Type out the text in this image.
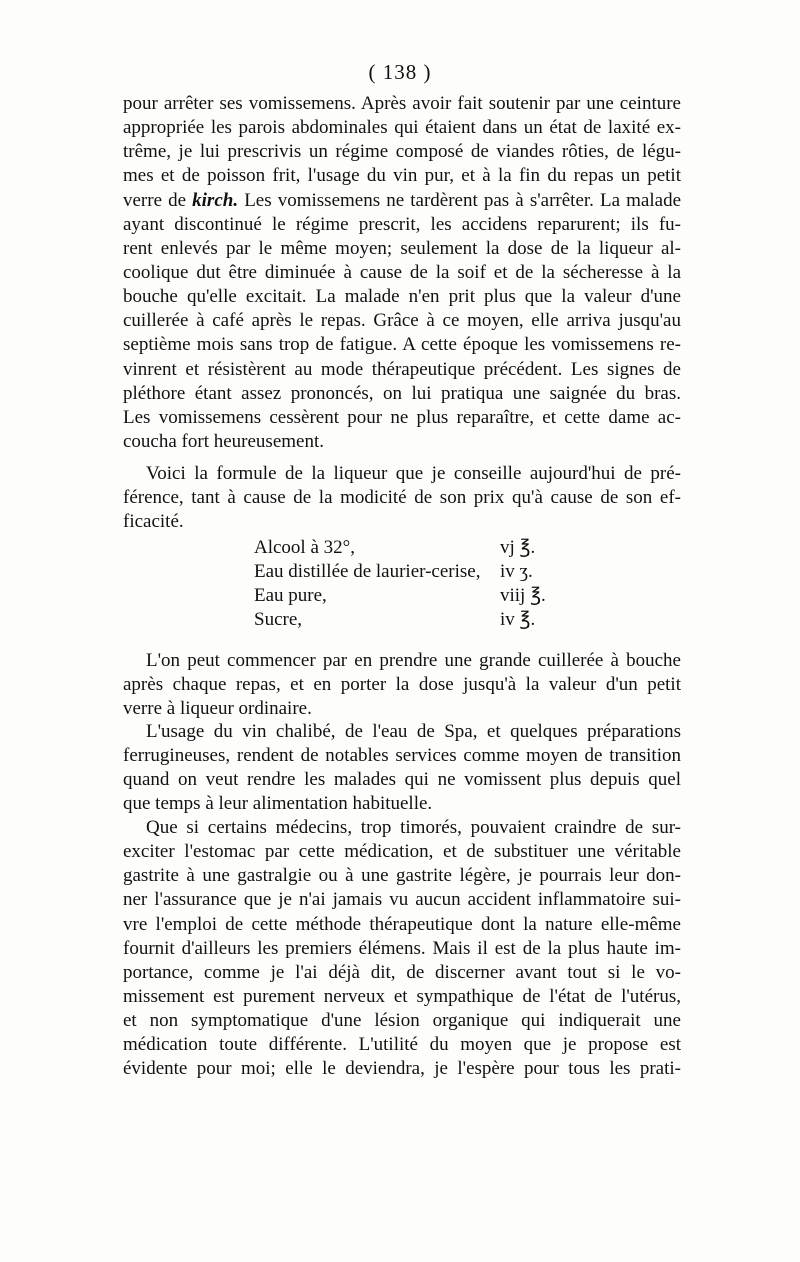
( 138 )
pour arrêter ses vomissemens. Après avoir fait soutenir par une ceinture
appropriée les parois abdominales qui étaient dans un état de laxité ex-
trême, je lui prescrivis un régime composé de viandes rôties, de légu-
mes et de poisson frit, l'usage du vin pur, et à la fin du repas un petit
verre de kirch. Les vomissemens ne tardèrent pas à s'arrêter. La malade
ayant discontinué le régime prescrit, les accidens reparurent; ils fu-
rent enlevés par le même moyen; seulement la dose de la liqueur al-
coolique dut être diminuée à cause de la soif et de la sécheresse à la
bouche qu'elle excitait. La malade n'en prit plus que la valeur d'une
cuillerée à café après le repas. Grâce à ce moyen, elle arriva jusqu'au
septième mois sans trop de fatigue. A cette époque les vomissemens re-
vinrent et résistèrent au mode thérapeutique précédent. Les signes de
pléthore étant assez prononcés, on lui pratiqua une saignée du bras.
Les vomissemens cessèrent pour ne plus reparaître, et cette dame ac-
coucha fort heureusement.
Voici la formule de la liqueur que je conseille aujourd'hui de pré-
férence, tant à cause de la modicité de son prix qu'à cause de son ef-
ficacité.
Alcool à 32°,	vj ℥.
Eau distillée de laurier-cerise, iv ʒ.
Eau pure,	viij ℥.
Sucre,	iv ℥.
L'on peut commencer par en prendre une grande cuillerée à bouche
après chaque repas, et en porter la dose jusqu'à la valeur d'un petit
verre à liqueur ordinaire.
L'usage du vin chalibé, de l'eau de Spa, et quelques préparations
ferrugineuses, rendent de notables services comme moyen de transition
quand on veut rendre les malades qui ne vomissent plus depuis quel
que temps à leur alimentation habituelle.
Que si certains médecins, trop timorés, pouvaient craindre de sur-
exciter l'estomac par cette médication, et de substituer une véritable
gastrite à une gastralgie ou à une gastrite légère, je pourrais leur don-
ner l'assurance que je n'ai jamais vu aucun accident inflammatoire sui-
vre l'emploi de cette méthode thérapeutique dont la nature elle-même
fournit d'ailleurs les premiers élémens. Mais il est de la plus haute im-
portance, comme je l'ai déjà dit, de discerner avant tout si le vo-
missement est purement nerveux et sympathique de l'état de l'utérus,
et non symptomatique d'une lésion organique qui indiquerait une
médication toute différente. L'utilité du moyen que je propose est
évidente pour moi; elle le deviendra, je l'espère pour tous les prati-
